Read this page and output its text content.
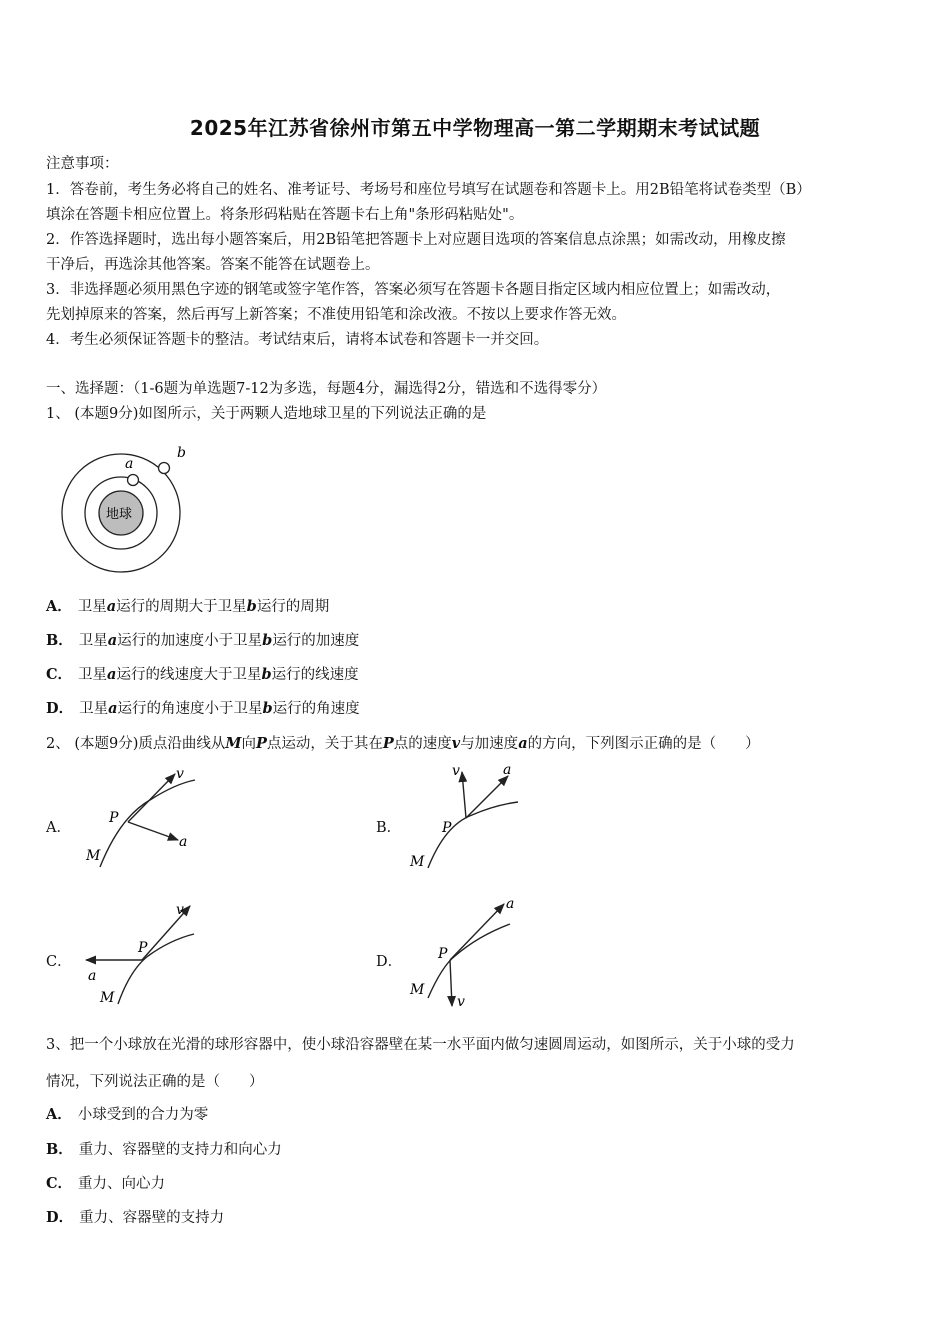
2025年江苏省徐州市第五中学物理高一第二学期期末考试试题
注意事项：
1．答卷前，考生务必将自己的姓名、准考证号、考场号和座位号填写在试题卷和答题卡上。用2B铅笔将试卷类型（B）
填涂在答题卡相应位置上。将条形码粘贴在答题卡右上角"条形码粘贴处"。
2．作答选择题时，选出每小题答案后，用2B铅笔把答题卡上对应题目选项的答案信息点涂黑；如需改动，用橡皮擦
干净后，再选涂其他答案。答案不能答在试题卷上。
3．非选择题必须用黑色字迹的钢笔或签字笔作答，答案必须写在答题卡各题目指定区域内相应位置上；如需改动，
先划掉原来的答案，然后再写上新答案；不准使用铅笔和涂改液。不按以上要求作答无效。
4．考生必须保证答题卡的整洁。考试结束后，请将本试卷和答题卡一并交回。
一、选择题：（1-6题为单选题7-12为多选，每题4分，漏选得2分，错选和不选得零分）
1、 (本题9分)如图所示，关于两颗人造地球卫星的下列说法正确的是
地球
a
b
A． 卫星a运行的周期大于卫星b运行的周期
B． 卫星a运行的加速度小于卫星b运行的加速度
C． 卫星a运行的线速度大于卫星b运行的线速度
D． 卫星a运行的角速度小于卫星b运行的角速度
2、 (本题9分)质点沿曲线从M向P点运动，关于其在P点的速度v与加速度a的方向，下列图示正确的是（　　）
A．
v
a
P
M
B．
v	a
P
M
C．
v
a
P
M
D．
v
a
P
M
3、把一个小球放在光滑的球形容器中，使小球沿容器壁在某一水平面内做匀速圆周运动，如图所示，关于小球的受力
情况，下列说法正确的是（　　）
A． 小球受到的合力为零
B． 重力、容器壁的支持力和向心力
C． 重力、向心力
D． 重力、容器壁的支持力
